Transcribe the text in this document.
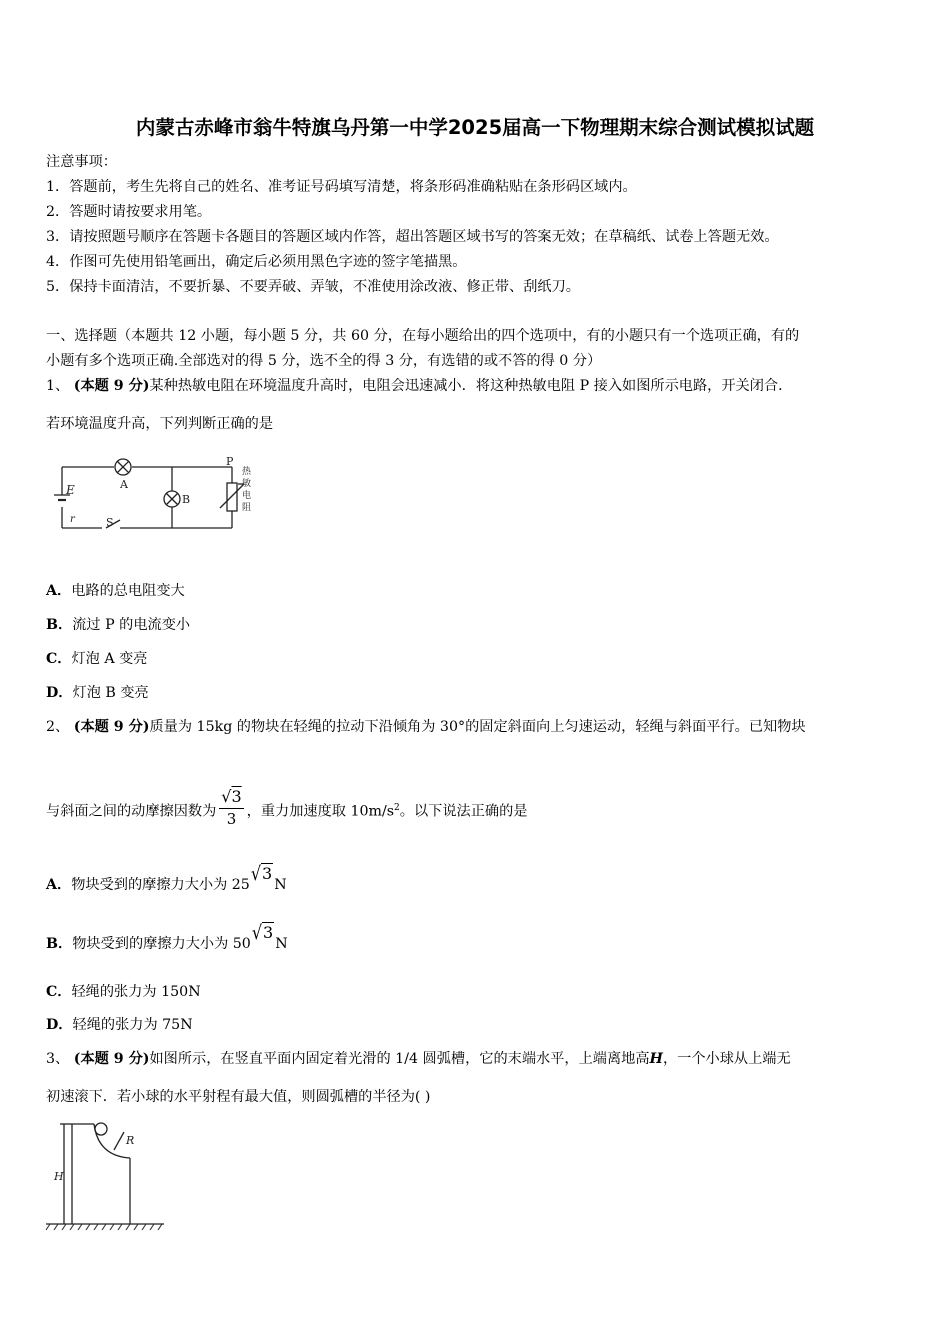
内蒙古赤峰市翁牛特旗乌丹第一中学2025届高一下物理期末综合测试模拟试题
注意事项：
1．答题前，考生先将自己的姓名、准考证号码填写清楚，将条形码准确粘贴在条形码区域内。
2．答题时请按要求用笔。
3．请按照题号顺序在答题卡各题目的答题区域内作答，超出答题区域书写的答案无效；在草稿纸、试卷上答题无效。
4．作图可先使用铅笔画出，确定后必须用黑色字迹的签字笔描黑。
5．保持卡面清洁，不要折暴、不要弄破、弄皱，不准使用涂改液、修正带、刮纸刀。
一、选择题（本题共 12 小题，每小题 5 分，共 60 分，在每小题给出的四个选项中，有的小题只有一个选项正确，有的
小题有多个选项正确.全部选对的得 5 分，选不全的得 3 分，有选错的或不答的得 0 分）
1、 (本题 9 分)某种热敏电阻在环境温度升高时，电阻会迅速减小．将这种热敏电阻 P 接入如图所示电路，开关闭合．
若环境温度升高，下列判断正确的是
E
r	S
A
B
P
热
敏
电
阻
A．电路的总电阻变大
B．流过 P 的电流变小
C．灯泡 A 变亮
D．灯泡 B 变亮
2、 (本题 9 分)质量为 15kg 的物块在轻绳的拉动下沿倾角为 30°的固定斜面向上匀速运动，轻绳与斜面平行。已知物块
与斜面之间的动摩擦因数为 $\frac{√3}{3}$ ，重力加速度取 $10m/s^2$。以下说法正确的是
A．物块受到的摩擦力大小为 25√3N
B．物块受到的摩擦力大小为 50√3N
C．轻绳的张力为 150N
D．轻绳的张力为 75N
3、 (本题 9 分)如图所示，在竖直平面内固定着光滑的 1/4 圆弧槽，它的末端水平，上端离地高H，一个小球从上端无
初速滚下．若小球的水平射程有最大值，则圆弧槽的半径为( )
H
R
